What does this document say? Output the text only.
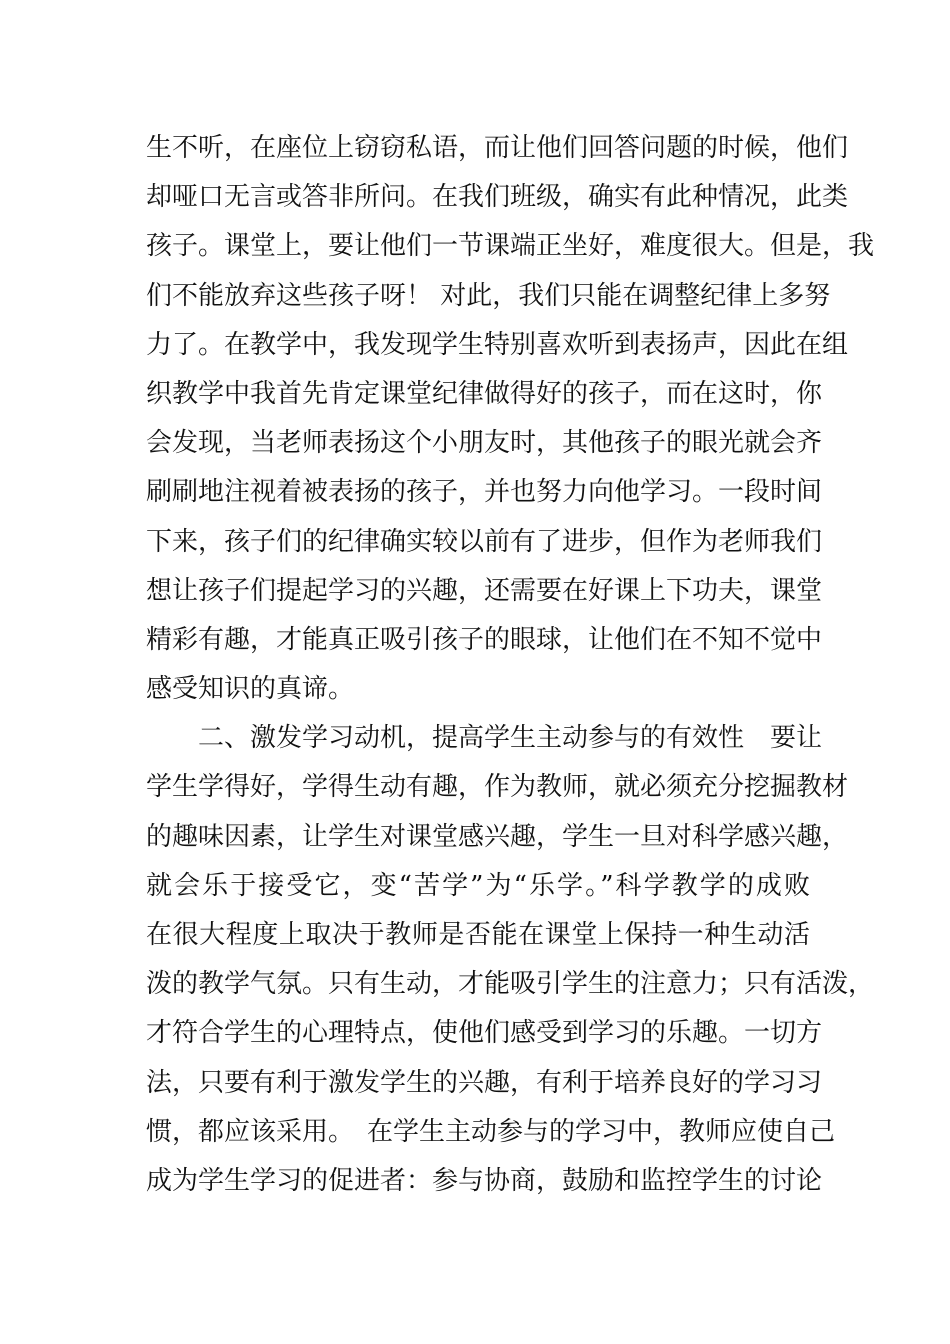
生不听，在座位上窃窃私语，而让他们回答问题的时候，他们
却哑口无言或答非所问。在我们班级，确实有此种情况，此类
孩子。课堂上，要让他们一节课端正坐好，难度很大。但是，我
们不能放弃这些孩子呀！ 对此，我们只能在调整纪律上多努
力了。在教学中，我发现学生特别喜欢听到表扬声，因此在组
织教学中我首先肯定课堂纪律做得好的孩子，而在这时，你
会发现，当老师表扬这个小朋友时，其他孩子的眼光就会齐
刷刷地注视着被表扬的孩子，并也努力向他学习。一段时间
下来，孩子们的纪律确实较以前有了进步，但作为老师我们
想让孩子们提起学习的兴趣，还需要在好课上下功夫，课堂
精彩有趣，才能真正吸引孩子的眼球，让他们在不知不觉中
感受知识的真谛。
二、激发学习动机，提高学生主动参与的有效性　要让
学生学得好，学得生动有趣，作为教师，就必须充分挖掘教材
的趣味因素，让学生对课堂感兴趣，学生一旦对科学感兴趣，
就会乐于接受它，变“苦学”为“乐学。”科学教学的成败
在很大程度上取决于教师是否能在课堂上保持一种生动活
泼的教学气氛。只有生动，才能吸引学生的注意力；只有活泼，
才符合学生的心理特点，使他们感受到学习的乐趣。一切方
法，只要有利于激发学生的兴趣，有利于培养良好的学习习
惯，都应该采用。　在学生主动参与的学习中，教师应使自己
成为学生学习的促进者：参与协商，鼓励和监控学生的讨论
